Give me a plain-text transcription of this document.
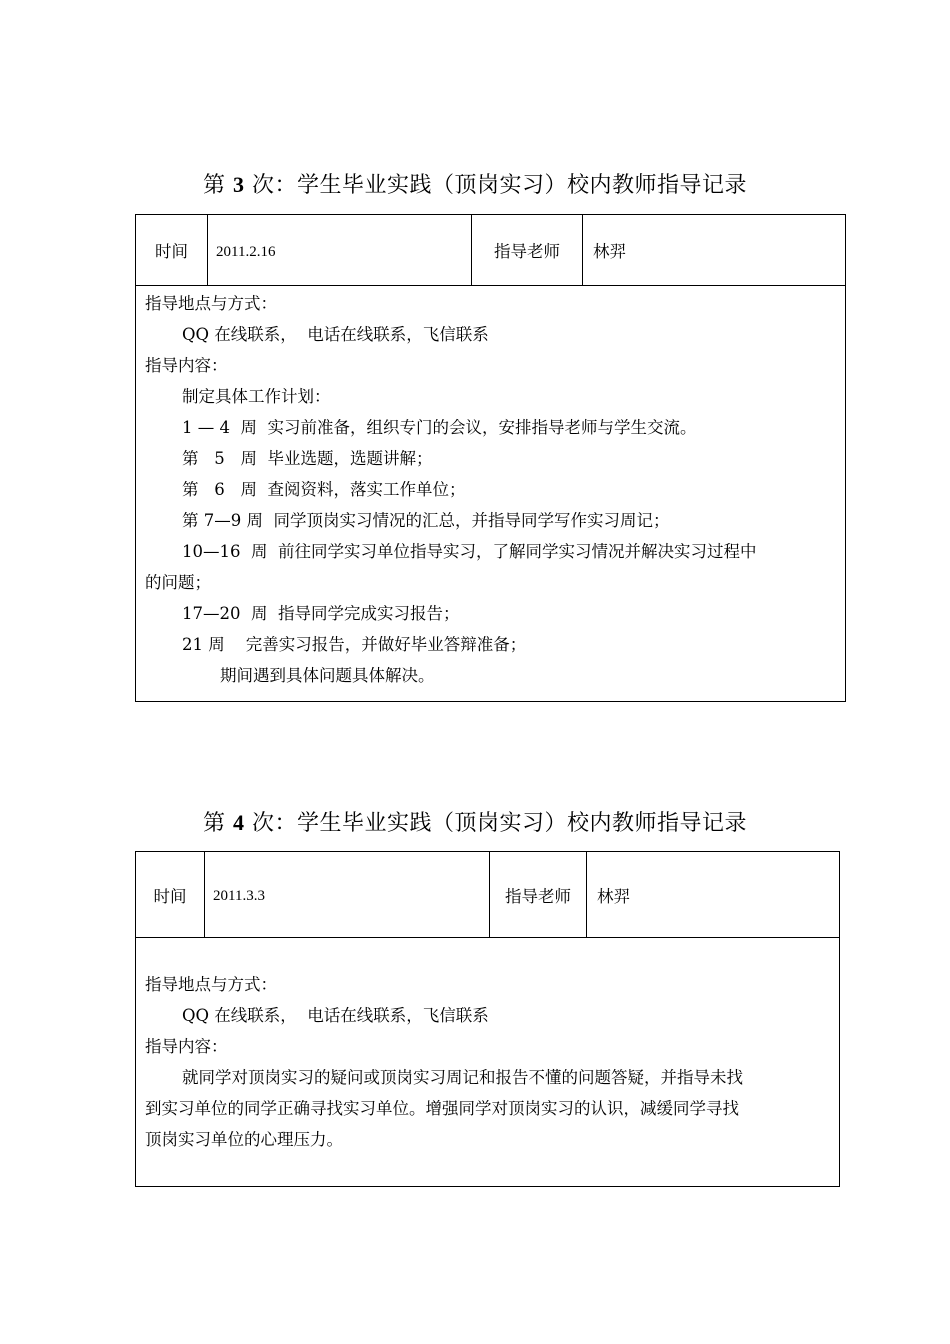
第 3 次：学生毕业实践（顶岗实习）校内教师指导记录
时间	2011.2.16	指导老师	林羿

指导地点与方式：
QQ 在线联系，  电话在线联系，飞信联系
指导内容：
制定具体工作计划：
1 — 4  周  实习前准备，组织专门的会议，安排指导老师与学生交流。
第   5   周  毕业选题，选题讲解；
第   6   周  查阅资料，落实工作单位；
第 7—9 周  同学顶岗实习情况的汇总，并指导同学写作实习周记；
10—16  周  前往同学实习单位指导实习，了解同学实习情况并解决实习过程中
的问题；
17—20  周  指导同学完成实习报告；
21 周    完善实习报告，并做好毕业答辩准备；
期间遇到具体问题具体解决。
第 4 次：学生毕业实践（顶岗实习）校内教师指导记录
时间	2011.3.3	指导老师	林羿

指导地点与方式：
QQ 在线联系，  电话在线联系，飞信联系
指导内容：
就同学对顶岗实习的疑问或顶岗实习周记和报告不懂的问题答疑，并指导未找
到实习单位的同学正确寻找实习单位。增强同学对顶岗实习的认识，减缓同学寻找
顶岗实习单位的心理压力。
